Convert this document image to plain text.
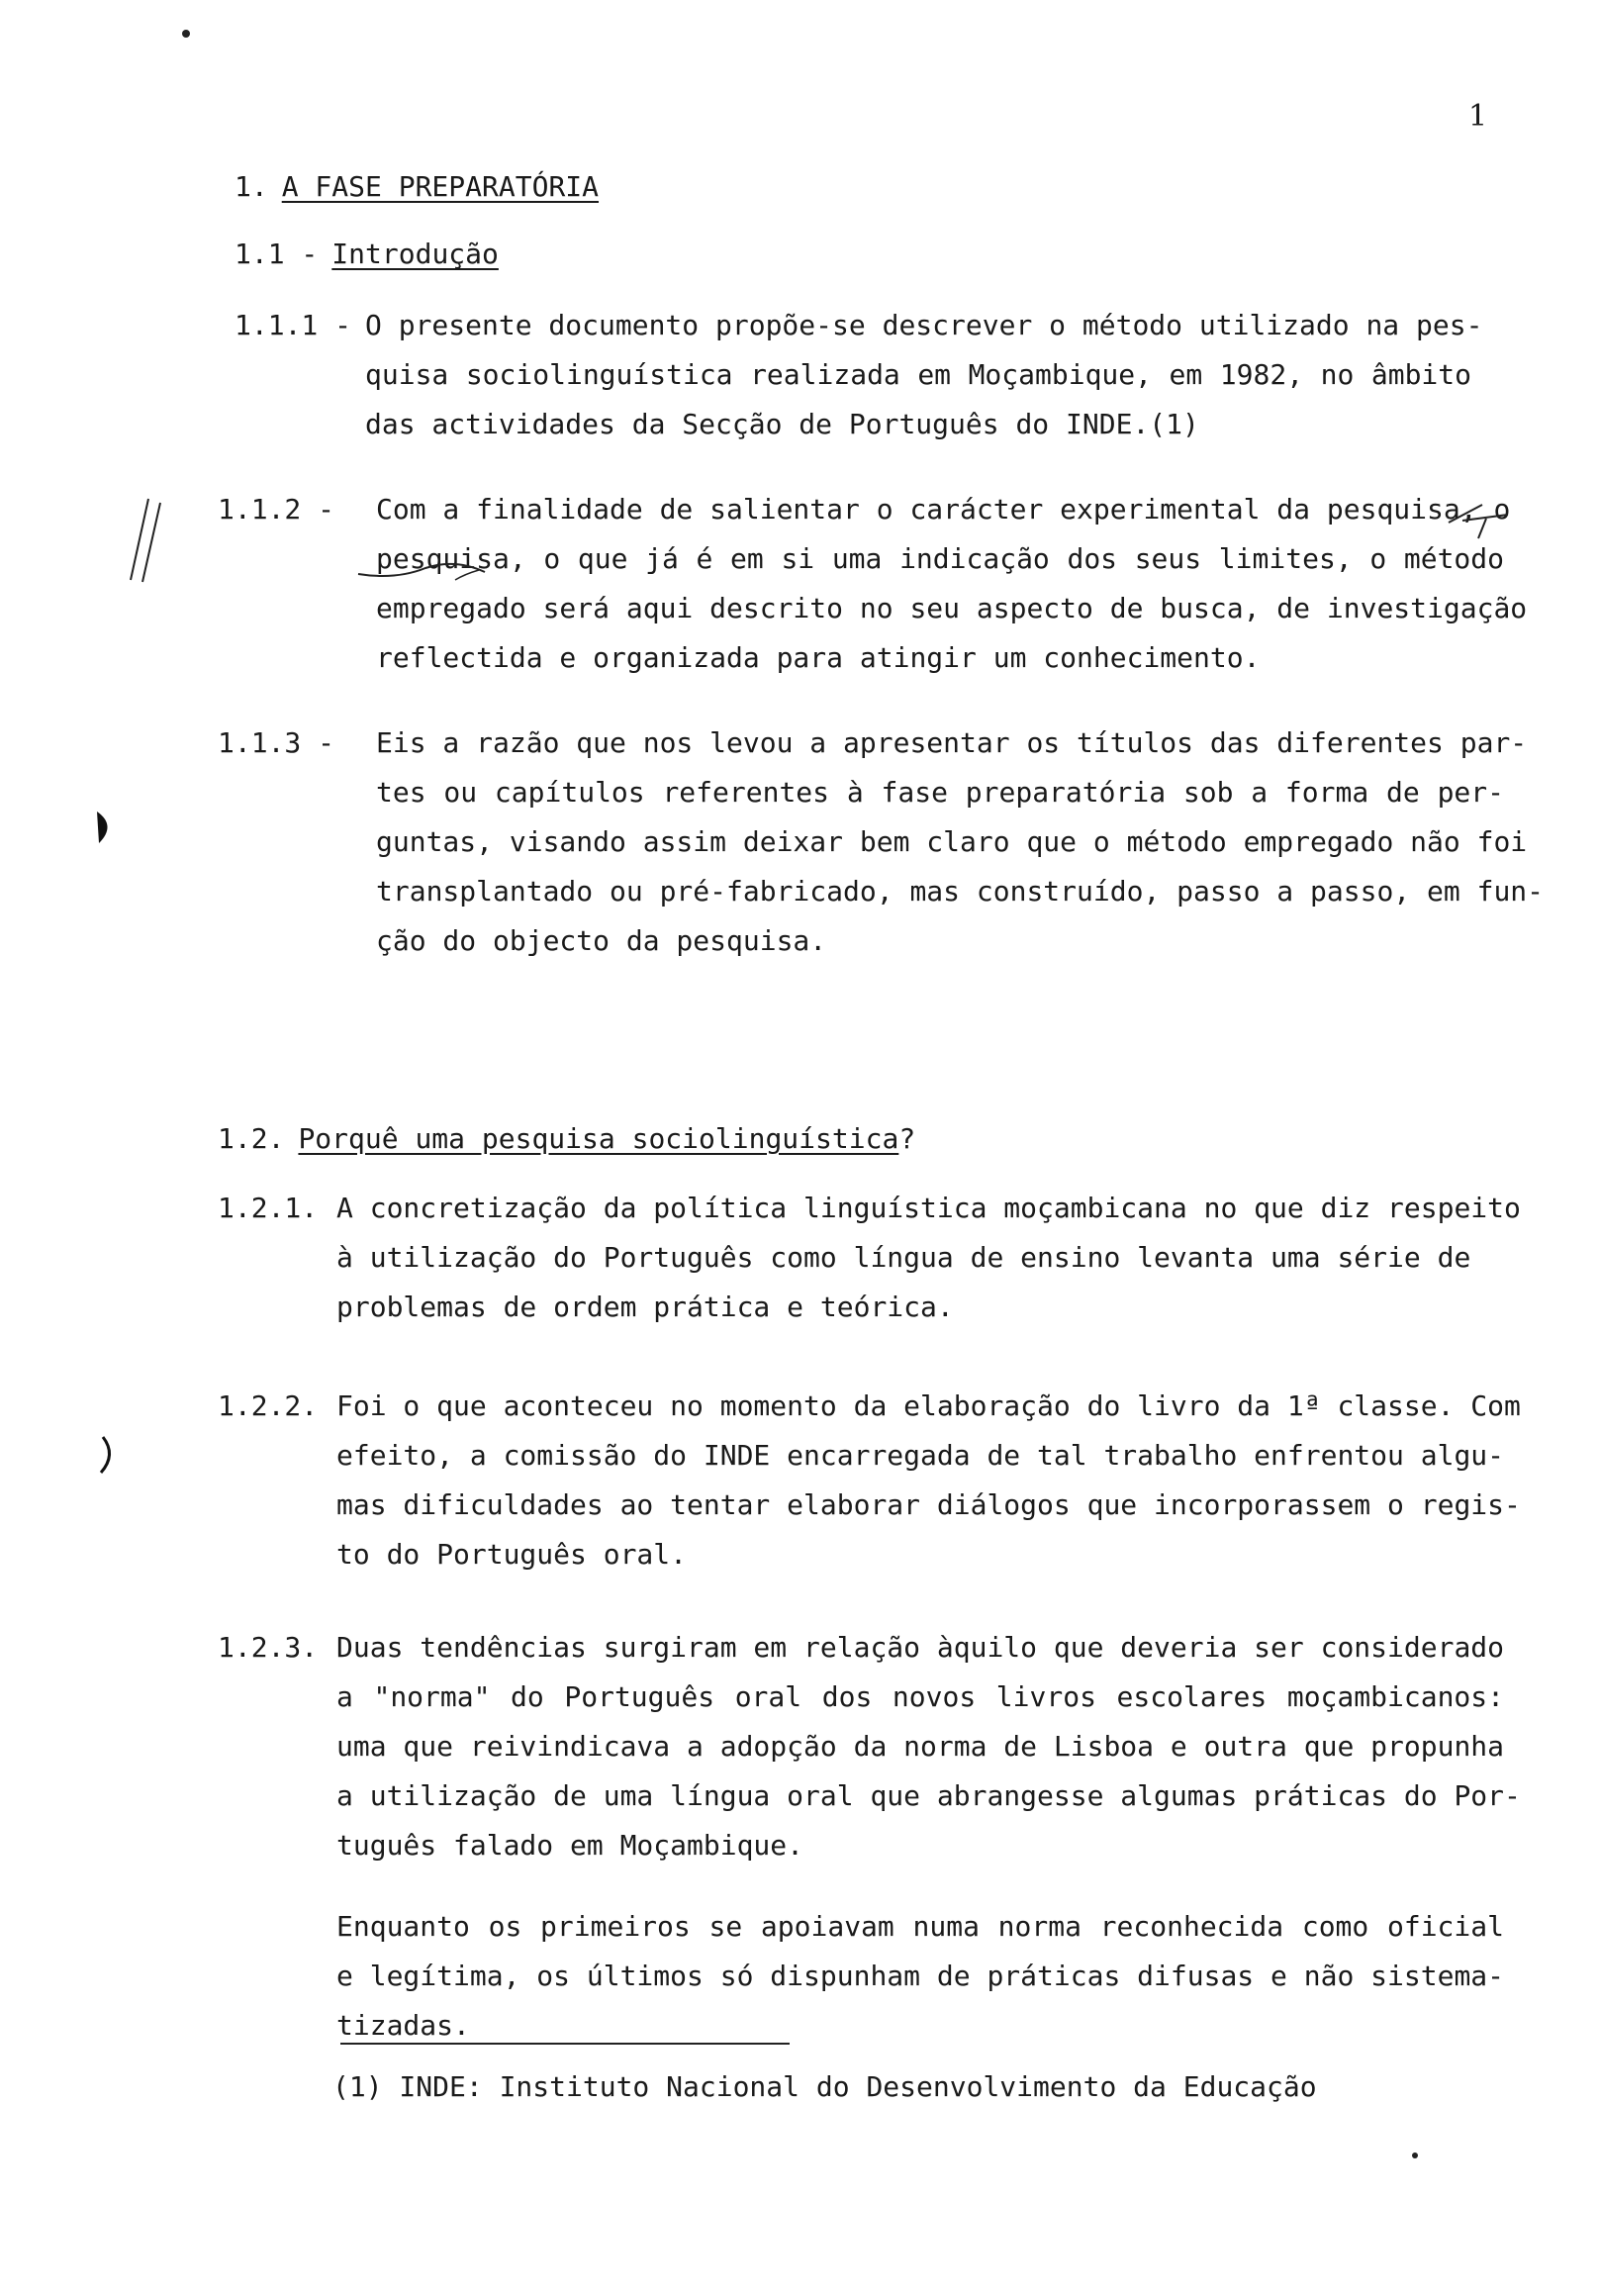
1
1. A FASE PREPARATÓRIA
1.1 - Introdução
1.1.1 - O presente documento propõe-se descrever o método utilizado na pes-
quisa sociolinguística realizada em Moçambique, em 1982, no âmbito
das actividades da Secção de Português do INDE.(1)
1.1.2 - Com a finalidade de salientar o carácter experimental da pesquisa, o
pesquisa, o que já é em si uma indicação dos seus limites, o método
empregado será aqui descrito no seu aspecto de busca, de investigação
reflectida e organizada para atingir um conhecimento.
1.1.3 - Eis a razão que nos levou a apresentar os títulos das diferentes par-
tes ou capítulos referentes à fase preparatória sob a forma de per-
guntas, visando assim deixar bem claro que o método empregado não foi
transplantado ou pré-fabricado, mas construído, passo a passo, em fun-
ção do objecto da pesquisa.
1.2. Porquê uma pesquisa sociolinguística?
1.2.1. A concretização da política linguística moçambicana no que diz respeito
à utilização do Português como língua de ensino levanta uma série de
problemas de ordem prática e teórica.
1.2.2. Foi o que aconteceu no momento da elaboração do livro da 1ª classe. Com
efeito, a comissão do INDE encarregada de tal trabalho enfrentou algu-
mas dificuldades ao tentar elaborar diálogos que incorporassem o regis-
to do Português oral.
1.2.3. Duas tendências surgiram em relação àquilo que deveria ser considerado
a "norma" do Português oral dos novos livros escolares moçambicanos:
uma que reivindicava a adopção da norma de Lisboa e outra que propunha
a utilização de uma língua oral que abrangesse algumas práticas do Por-
tuguês falado em Moçambique.
Enquanto os primeiros se apoiavam numa norma reconhecida como oficial
e legítima, os últimos só dispunham de práticas difusas e não sistema-
tizadas.
(1) INDE: Instituto Nacional do Desenvolvimento da Educação
